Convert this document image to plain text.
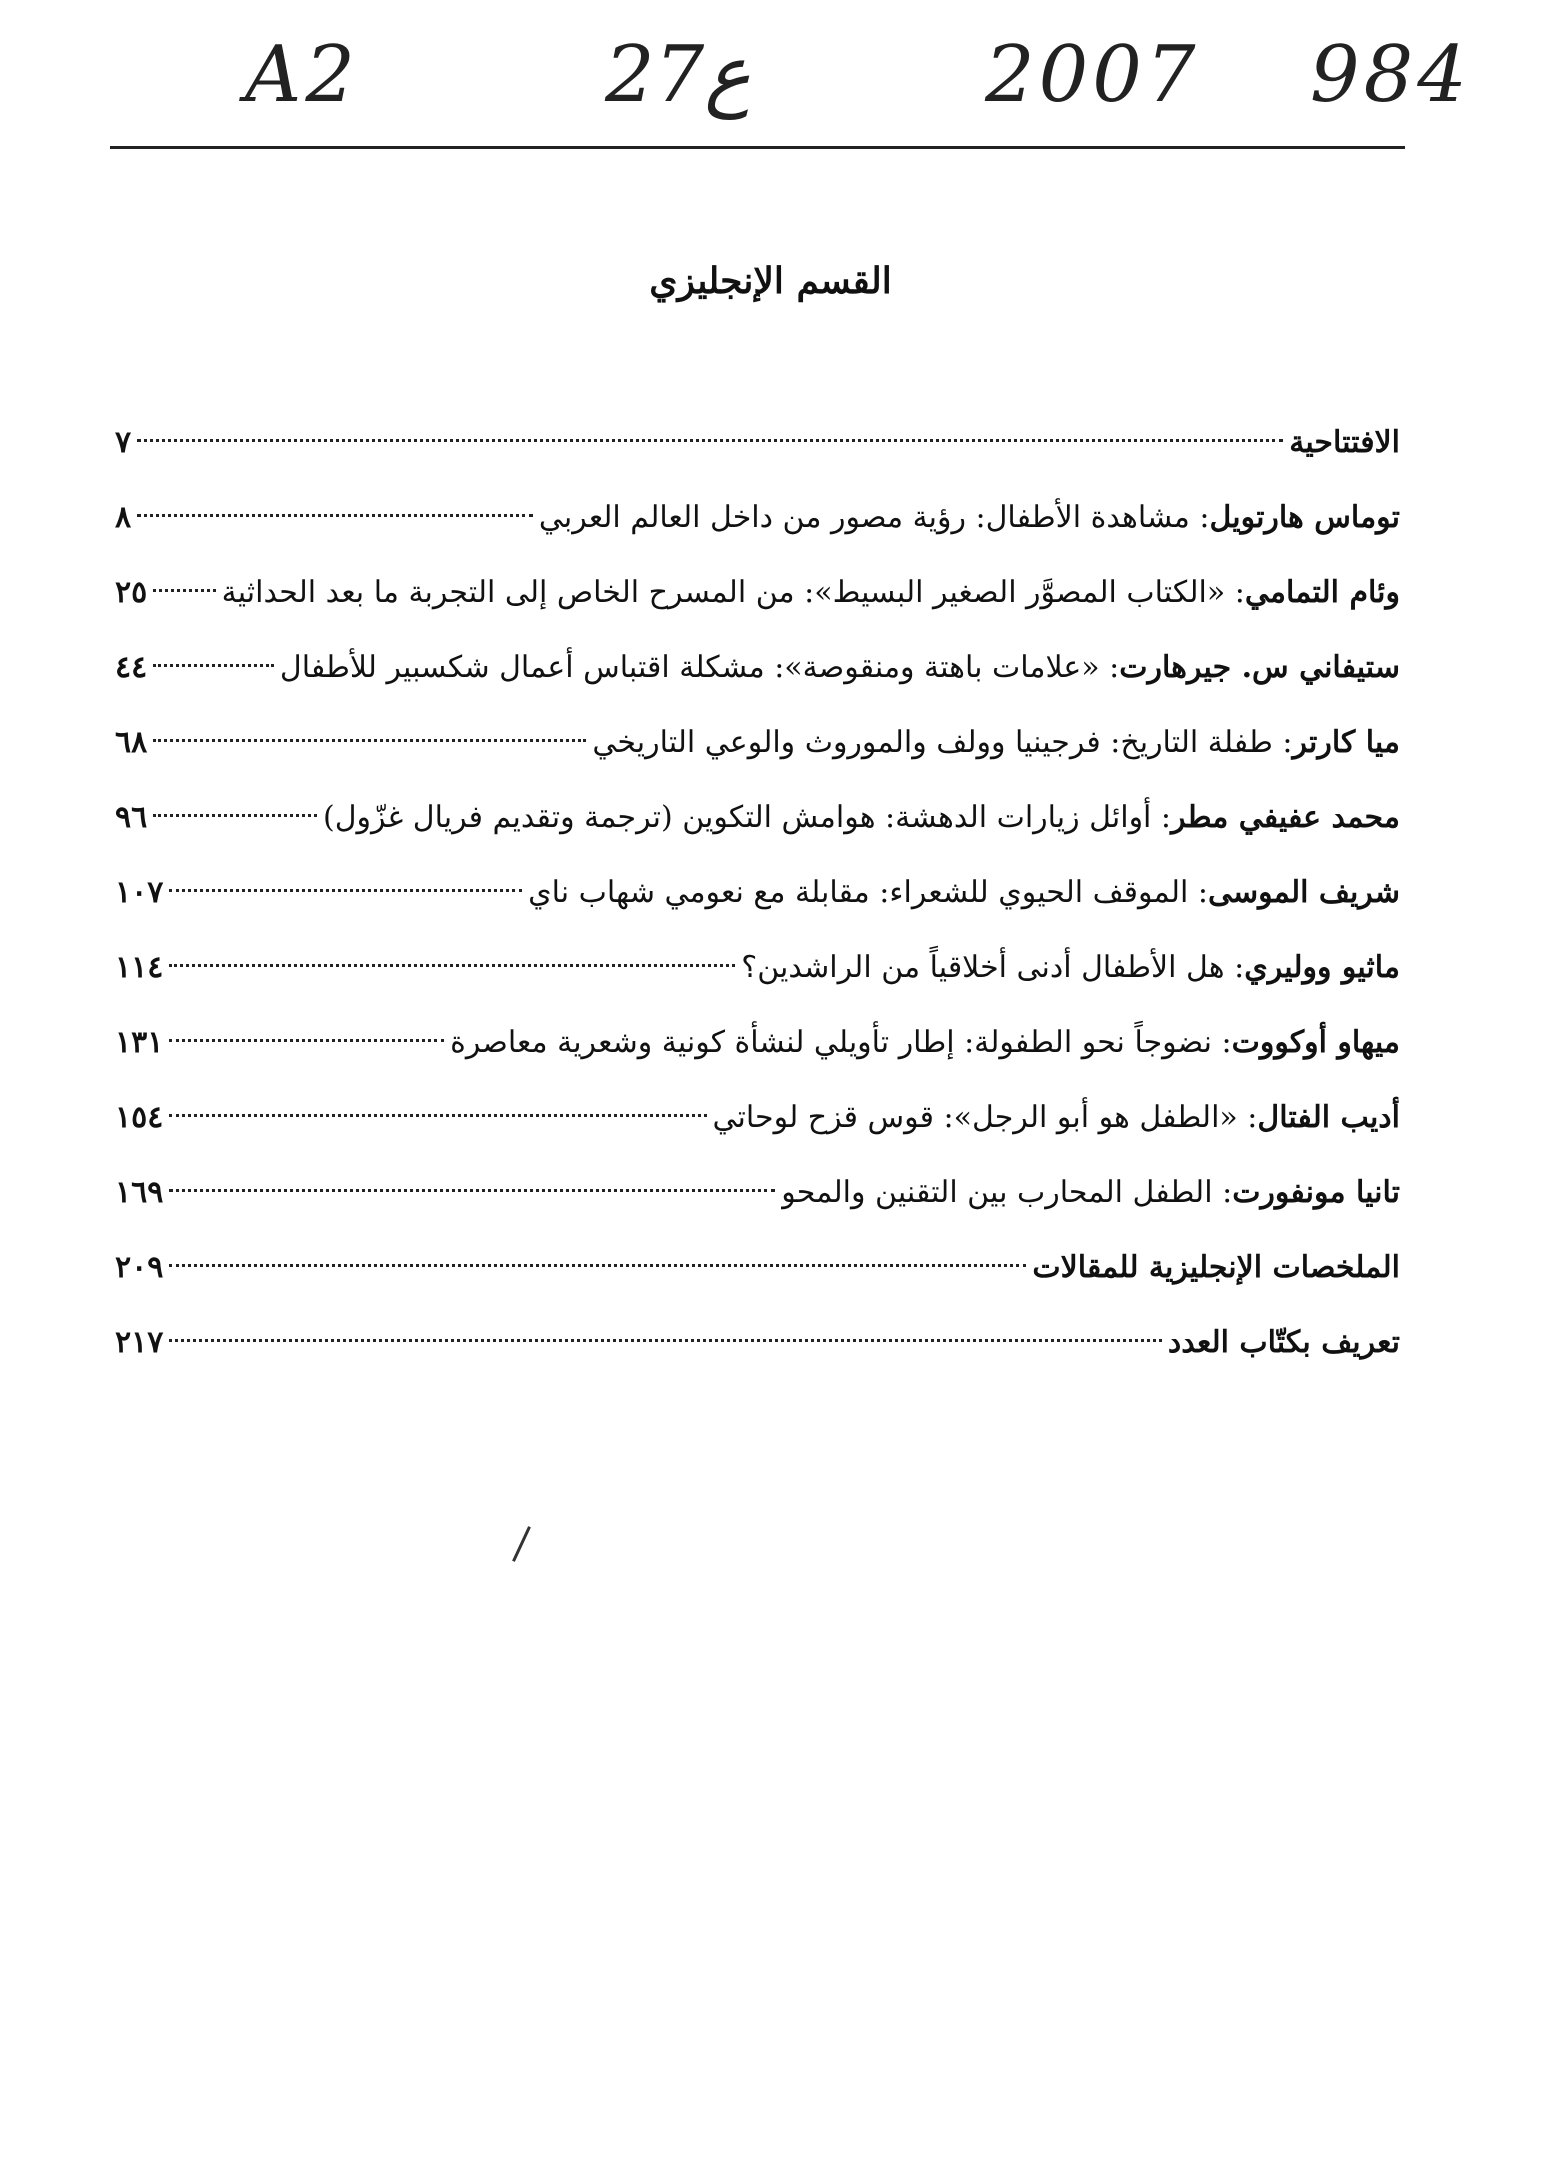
A2	27ع	2007 984
القسم الإنجليزي
الافتتاحية
٧
توماس هارتويل: مشاهدة الأطفال: رؤية مصور من داخل العالم العربي
٨
وئام التمامي: «الكتاب المصوَّر الصغير البسيط»: من المسرح الخاص إلى التجربة ما بعد الحداثية
٢٥
ستيفاني س. جيرهارت: «علامات باهتة ومنقوصة»: مشكلة اقتباس أعمال شكسبير للأطفال
٤٤
ميا كارتر: طفلة التاريخ: فرجينيا وولف والموروث والوعي التاريخي
٦٨
محمد عفيفي مطر: أوائل زيارات الدهشة: هوامش التكوين (ترجمة وتقديم فريال غزّول)
٩٦
شريف الموسى: الموقف الحيوي للشعراء: مقابلة مع نعومي شهاب ناي
١٠٧
ماثيو ووليري: هل الأطفال أدنى أخلاقياً من الراشدين؟
١١٤
ميهاو أوكووت: نضوجاً نحو الطفولة: إطار تأويلي لنشأة كونية وشعرية معاصرة
١٣١
أديب الفتال: «الطفل هو أبو الرجل»: قوس قزح لوحاتي
١٥٤
تانيا مونفورت: الطفل المحارب بين التقنين والمحو
١٦٩
الملخصات الإنجليزية للمقالات
٢٠٩
تعريف بكتّاب العدد
٢١٧
